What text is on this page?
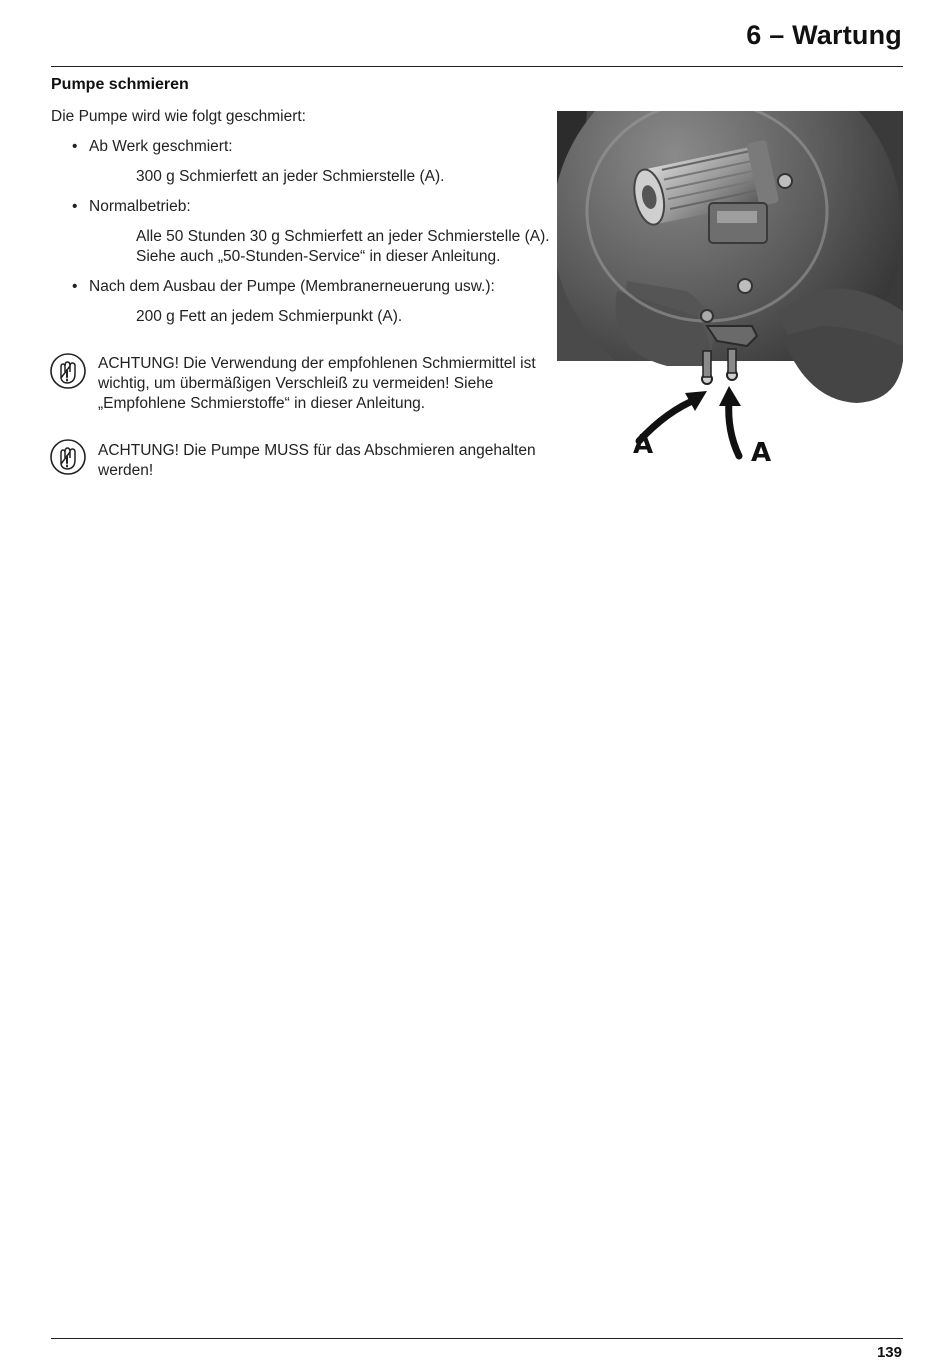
6 – Wartung
Pumpe schmieren
Die Pumpe wird wie folgt geschmiert:
• Ab Werk geschmiert:
300 g Schmierfett an jeder Schmierstelle (A).
• Normalbetrieb:
Alle 50 Stunden 30 g Schmierfett an jeder Schmierstelle (A).
Siehe auch „50-Stunden-Service“ in dieser Anleitung.
• Nach dem Ausbau der Pumpe (Membranerneuerung usw.):
200 g Fett an jedem Schmierpunkt (A).
ACHTUNG! Die Verwendung der empfohlenen Schmiermittel ist
wichtig, um übermäßigen Verschleiß zu vermeiden! Siehe
„Empfohlene Schmierstoffe“ in dieser Anleitung.
ACHTUNG! Die Pumpe MUSS für das Abschmieren angehalten
werden!
A	A
139
